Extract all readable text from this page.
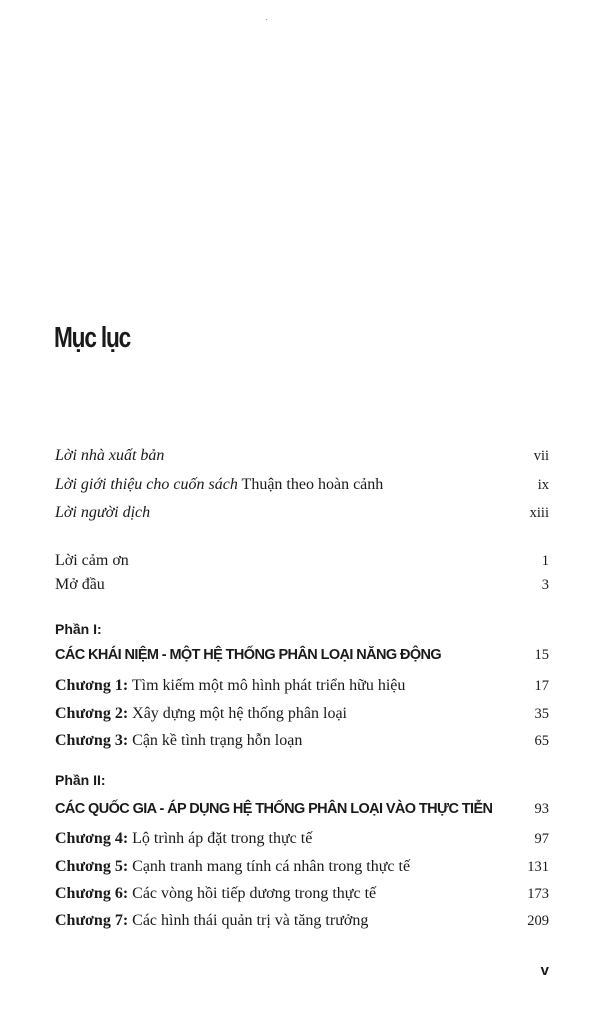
Mục lục
Lời nhà xuất bản	vii
Lời giới thiệu cho cuốn sách Thuận theo hoàn cảnh	ix
Lời người dịch	xiii
Lời cảm ơn	1
Mở đầu	3
Phần I:
CÁC KHÁI NIỆM - MỘT HỆ THỐNG PHÂN LOẠI NĂNG ĐỘNG	15
Chương 1: Tìm kiếm một mô hình phát triển hữu hiệu	17
Chương 2: Xây dựng một hệ thống phân loại	35
Chương 3: Cận kề tình trạng hỗn loạn	65
Phần II:
CÁC QUỐC GIA - ÁP DỤNG HỆ THỐNG PHÂN LOẠI VÀO THỰC TIỄN	93
Chương 4: Lộ trình áp đặt trong thực tế	97
Chương 5: Cạnh tranh mang tính cá nhân trong thực tế	131
Chương 6: Các vòng hồi tiếp dương trong thực tế	173
Chương 7: Các hình thái quản trị và tăng trưởng	209
v
